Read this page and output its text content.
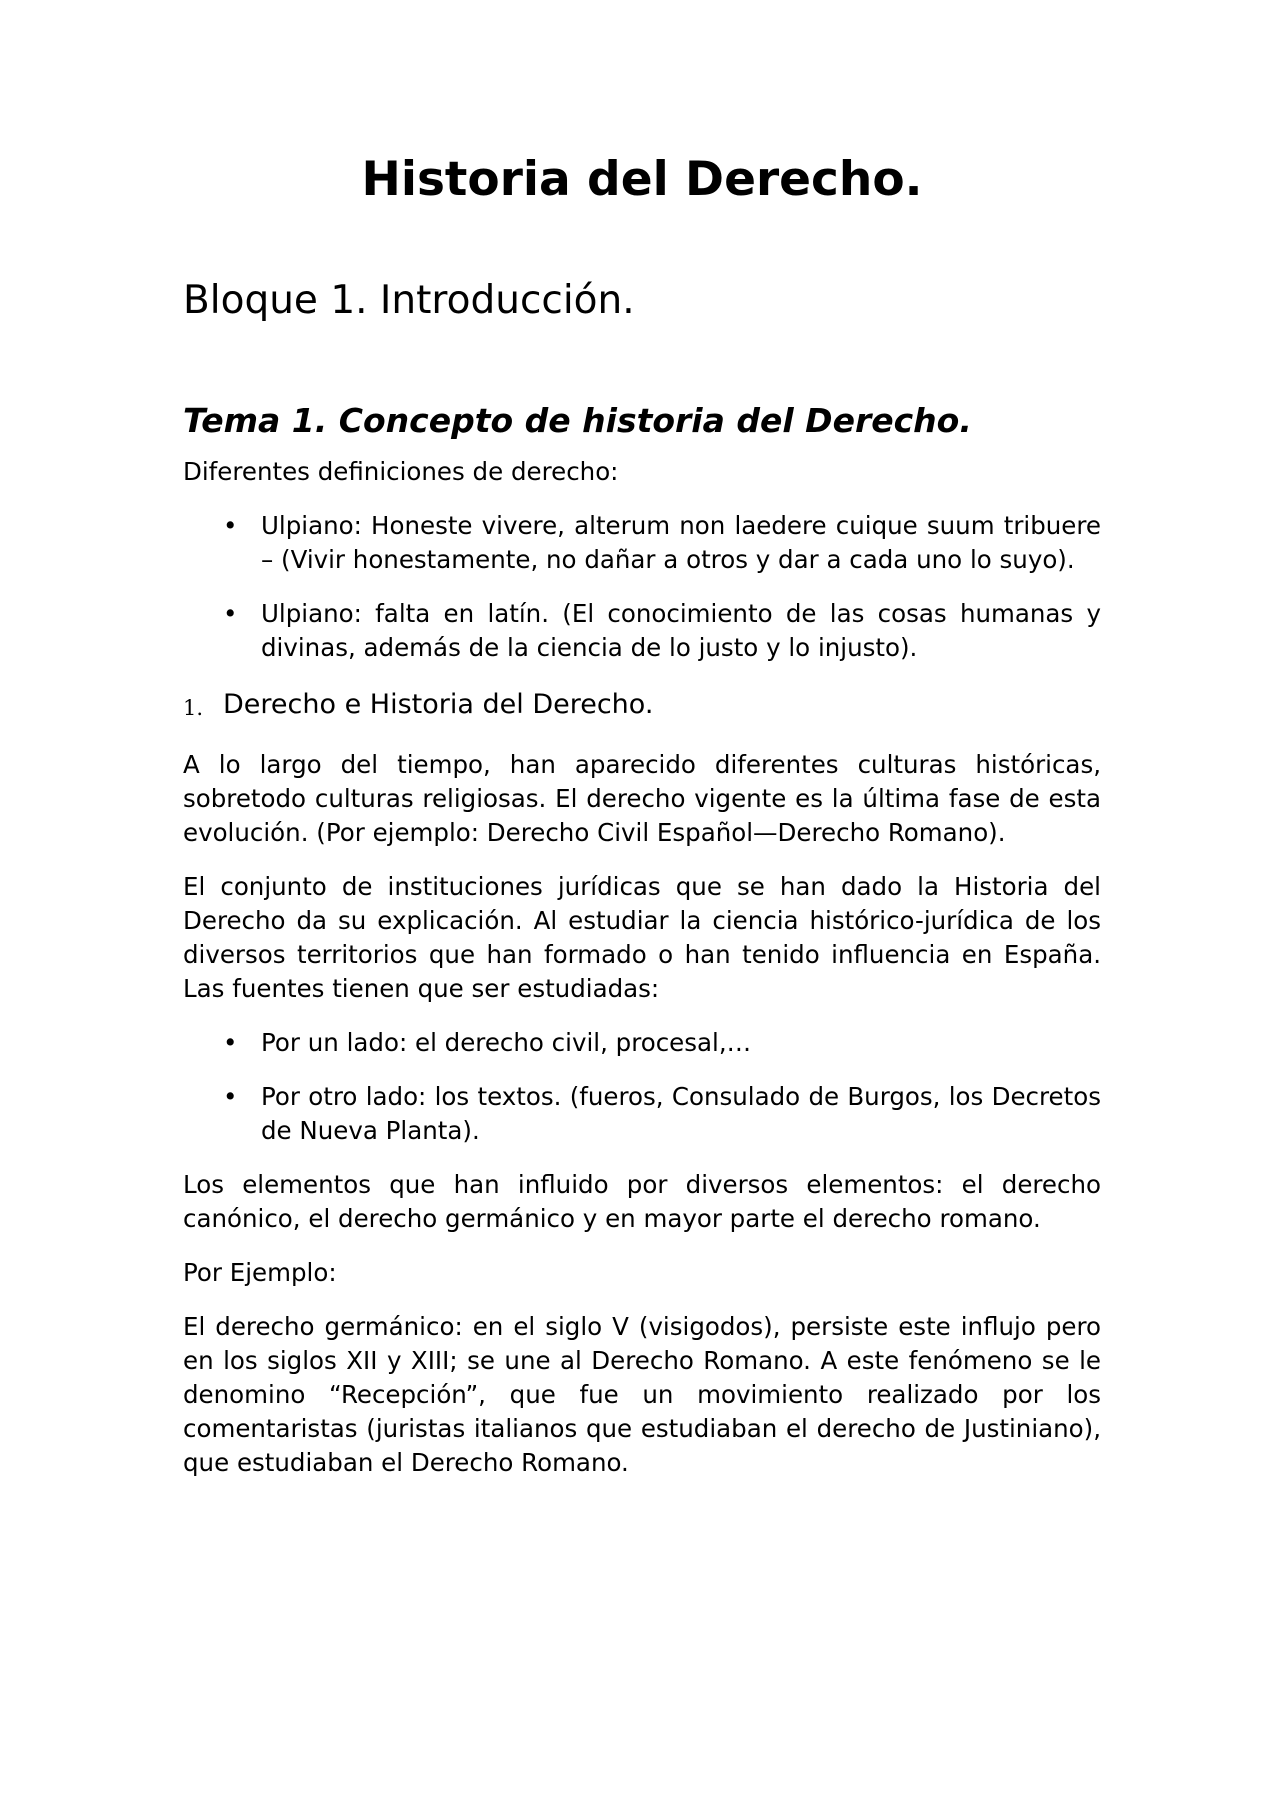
Historia del Derecho.
Bloque 1. Introducción.
Tema 1. Concepto de historia del Derecho.

Diferentes definiciones de derecho:

• Ulpiano: Honeste vivere, alterum non laedere cuique suum tribuere – (Vivir honestamente, no dañar a otros y dar a cada uno lo suyo).
• Ulpiano: falta en latín. (El conocimiento de las cosas humanas y divinas, además de la ciencia de lo justo y lo injusto).
1. Derecho e Historia del Derecho.

A lo largo del tiempo, han aparecido diferentes culturas históricas, sobretodo culturas religiosas. El derecho vigente es la última fase de esta evolución. (Por ejemplo: Derecho Civil Español—Derecho Romano).

El conjunto de instituciones jurídicas que se han dado la Historia del Derecho da su explicación. Al estudiar la ciencia histórico-jurídica de los diversos territorios que han formado o han tenido influencia en España. Las fuentes tienen que ser estudiadas:

• Por un lado: el derecho civil, procesal,…
• Por otro lado: los textos. (fueros, Consulado de Burgos, los Decretos de Nueva Planta).

Los elementos que han influido por diversos elementos: el derecho canónico, el derecho germánico y en mayor parte el derecho romano.

Por Ejemplo:

El derecho germánico: en el siglo V (visigodos), persiste este influjo pero en los siglos XII y XIII; se une al Derecho Romano. A este fenómeno se le denomino “Recepción”, que fue un movimiento realizado por los comentaristas (juristas italianos que estudiaban el derecho de Justiniano), que estudiaban el Derecho Romano.
